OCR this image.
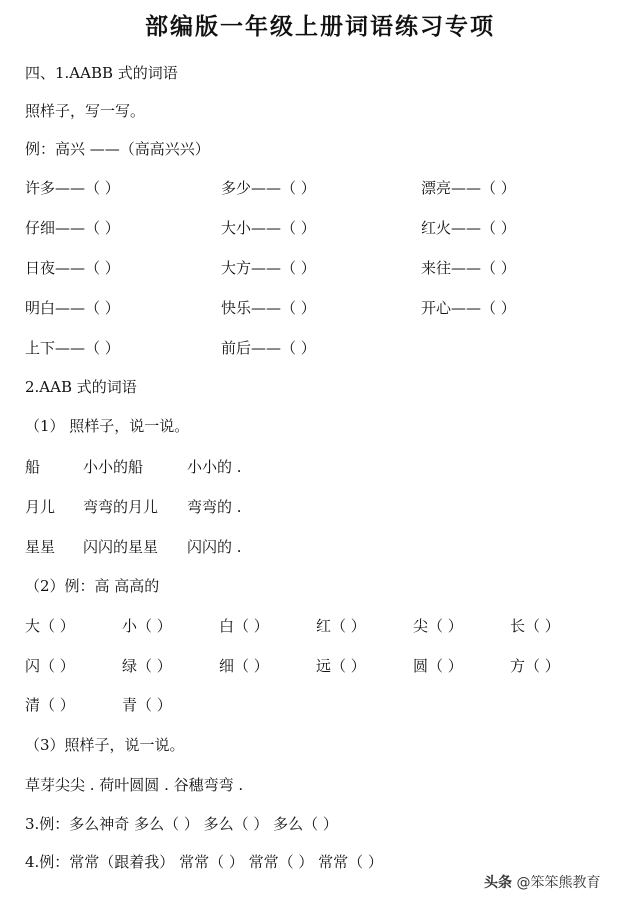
部编版一年级上册词语练习专项
四、1.AABB 式的词语
照样子，写一写。
例：高兴 ——（高高兴兴）
许多——（ ）	多少——（ ）	漂亮——（ ）
仔细——（ ）	大小——（ ）	红火——（ ）
日夜——（ ）	大方——（ ）	来往——（ ）
明白——（ ）	快乐——（ ）	开心——（ ）
上下——（ ）	前后——（ ）
2.AAB 式的词语
（1） 照样子，说一说。
船	小小的船	小小的 .
月儿 弯弯的月儿 弯弯的 .
星星 闪闪的星星 闪闪的 .
（2）例：高 高高的
大（ ）	小（ ）	白（ ）	红（ ）	尖（ ）	长（ ）
闪（ ）	绿（ ）	细（ ）	远（ ）	圆（ ）	方（ ）
清（ ）	青（ ）
（3）照样子，说一说。
草芽尖尖 . 荷叶圆圆 . 谷穗弯弯 .
3.例：多么神奇 多么（ ） 多么（ ） 多么（ ）
4.例：常常（跟着我） 常常（ ） 常常（ ） 常常（ ）
头条 @笨笨熊教育
